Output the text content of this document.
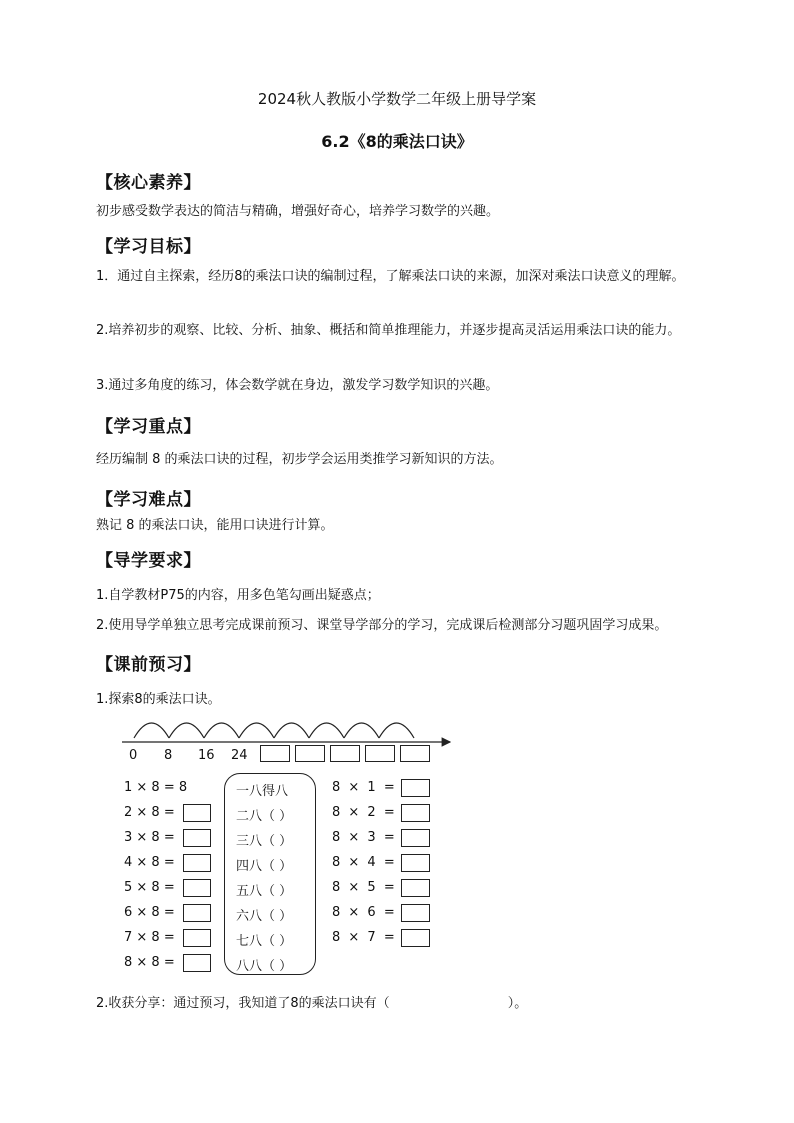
2024秋人教版小学数学二年级上册导学案
6.2《8的乘法口诀》
【核心素养】
初步感受数学表达的简洁与精确，增强好奇心，培养学习数学的兴趣。
【学习目标】
1．通过自主探索，经历8的乘法口诀的编制过程，了解乘法口诀的来源，加深对乘法口诀意义的理解。
2.培养初步的观察、比较、分析、抽象、概括和简单推理能力，并逐步提高灵活运用乘法口诀的能力。
3.通过多角度的练习，体会数学就在身边，激发学习数学知识的兴趣。
【学习重点】
经历编制 8 的乘法口诀的过程，初步学会运用类推学习新知识的方法。
【学习难点】
熟记 8 的乘法口诀，能用口诀进行计算。
【导学要求】
1.自学教材P75的内容，用多色笔勾画出疑惑点；
2.使用导学单独立思考完成课前预习、课堂导学部分的学习，完成课后检测部分习题巩固学习成果。
【课前预习】
1.探索8的乘法口诀。
0 8 16 24
1 × 8 = 8
2 × 8 =
3 × 8 =
4 × 8 =
5 × 8 =
6 × 8 =
7 × 8 =
8 × 8 =
一八得八
二八（ ）
三八（ ）
四八（ ）
五八（ ）
六八（ ）
七八（ ）
八八（ ）
8 × 1 =
8 × 2 =
8 × 3 =
8 × 4 =
8 × 5 =
8 × 6 =
8 × 7 =
2.收获分享：通过预习，我知道了8的乘法口诀有（	）。
